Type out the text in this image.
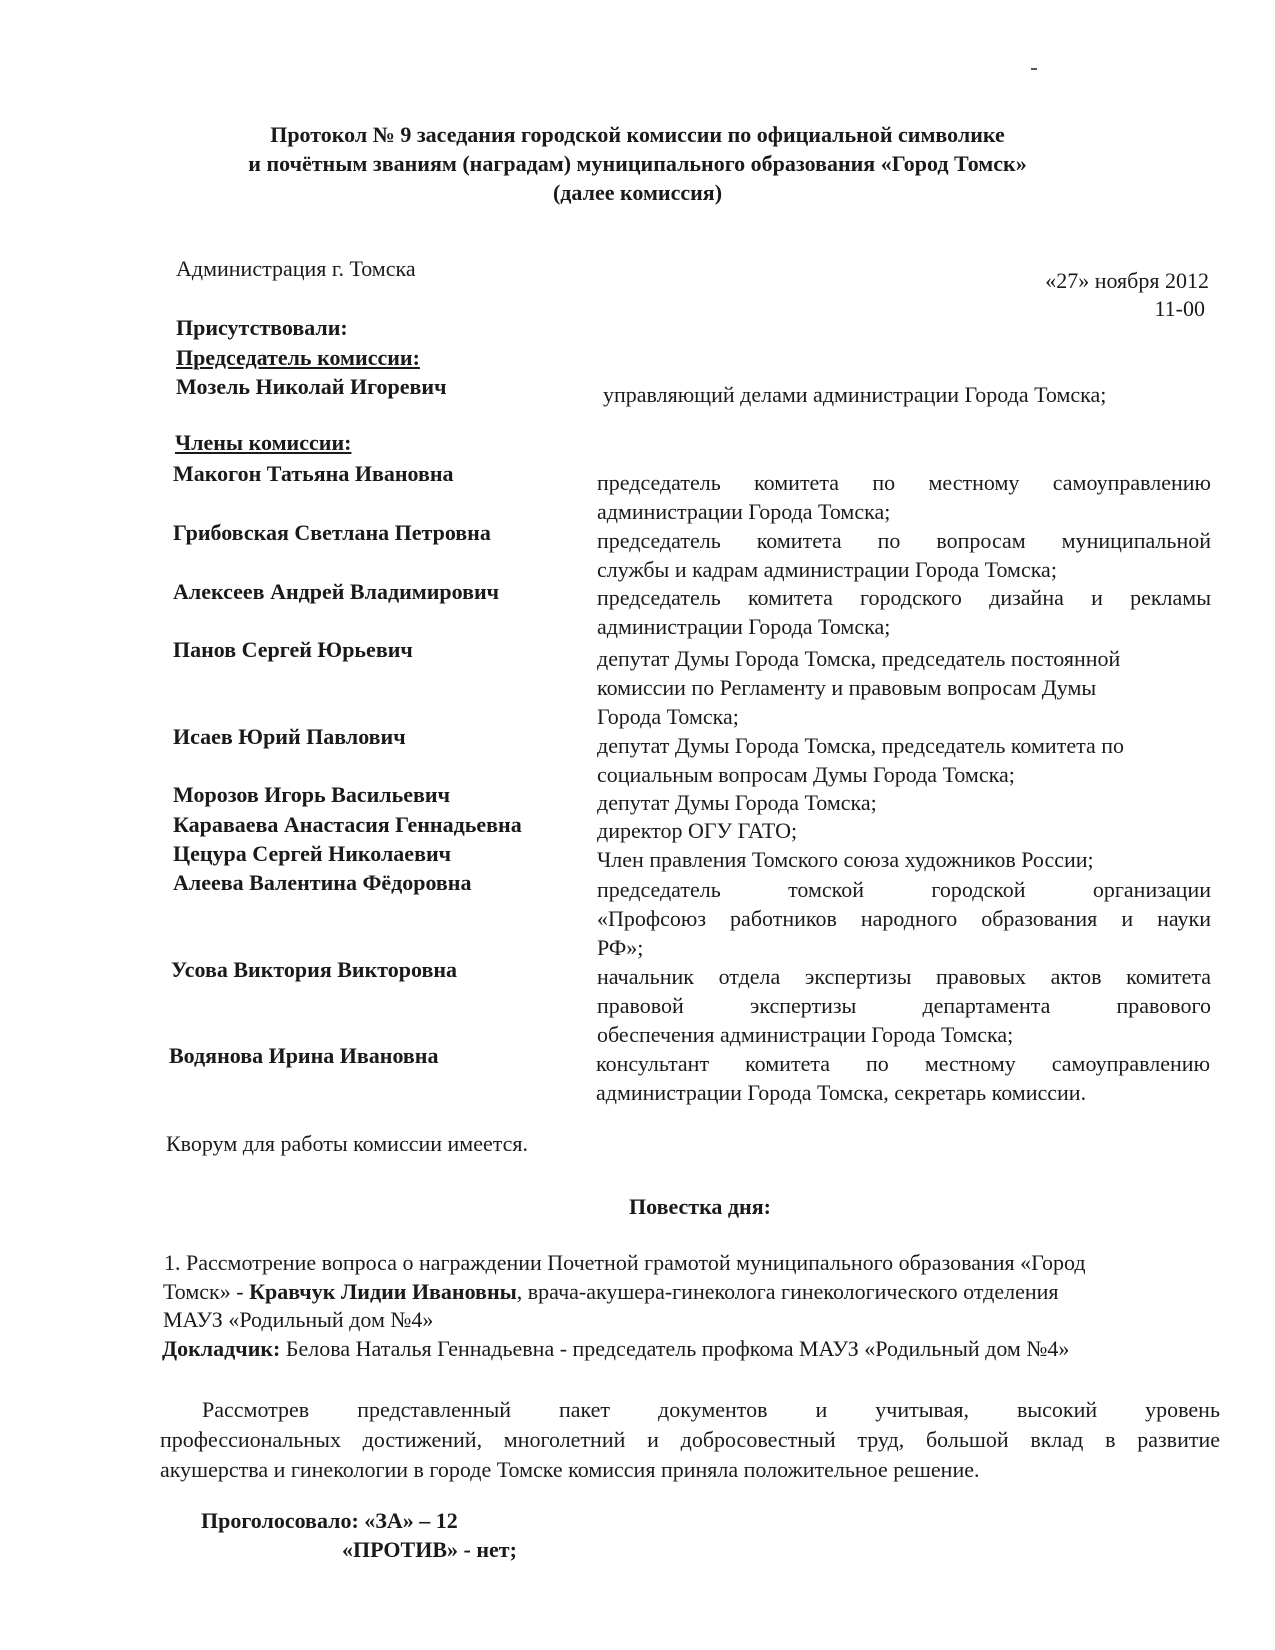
Протокол № 9 заседания городской комиссии по официальной символике
и почётным званиям (наградам) муниципального образования «Город Томск»
(далее комиссия)
Администрация г. Томска	«27» ноября 2012
11-00
Присутствовали:
Председатель комиссии:
Мозель Николай Игоревич	управляющий делами администрации Города Томска;
Члены комиссии:
Макогон Татьяна Ивановна	председатель комитета по местному самоуправлению
администрации Города Томска;
Грибовская Светлана Петровна	председатель комитета по вопросам муниципальной
службы и кадрам администрации Города Томска;
Алексеев Андрей Владимирович	председатель комитета городского дизайна и рекламы
администрации Города Томска;
Панов Сергей Юрьевич	депутат Думы Города Томска, председатель постоянной
комиссии по Регламенту и правовым вопросам Думы
Города Томска;
Исаев Юрий Павлович	депутат Думы Города Томска, председатель комитета по
социальным вопросам Думы Города Томска;
Морозов Игорь Васильевич	депутат Думы Города Томска;
Караваева Анастасия Геннадьевна	директор ОГУ ГАТО;
Цецура Сергей Николаевич	Член правления Томского союза художников России;
Алеева Валентина Фёдоровна	председатель томской городской организации
«Профсоюз работников народного образования и науки
РФ»;
Усова Виктория Викторовна	начальник отдела экспертизы правовых актов комитета
правовой экспертизы департамента правового
обеспечения администрации Города Томска;
Водянова Ирина Ивановна	консультант комитета по местному самоуправлению
администрации Города Томска, секретарь комиссии.
Кворум для работы комиссии имеется.
Повестка дня:
1. Рассмотрение вопроса о награждении Почетной грамотой муниципального образования «Город
Томск» - Кравчук Лидии Ивановны, врача-акушера-гинеколога гинекологического отделения
МАУЗ «Родильный дом №4»
Докладчик: Белова Наталья Геннадьевна - председатель профкома МАУЗ «Родильный дом №4»
Рассмотрев представленный пакет документов и учитывая, высокий уровень
профессиональных достижений, многолетний и добросовестный труд, большой вклад в развитие
акушерства и гинекологии в городе Томске комиссия приняла положительное решение.
Проголосовало: «ЗА» – 12
«ПРОТИВ» - нет;
